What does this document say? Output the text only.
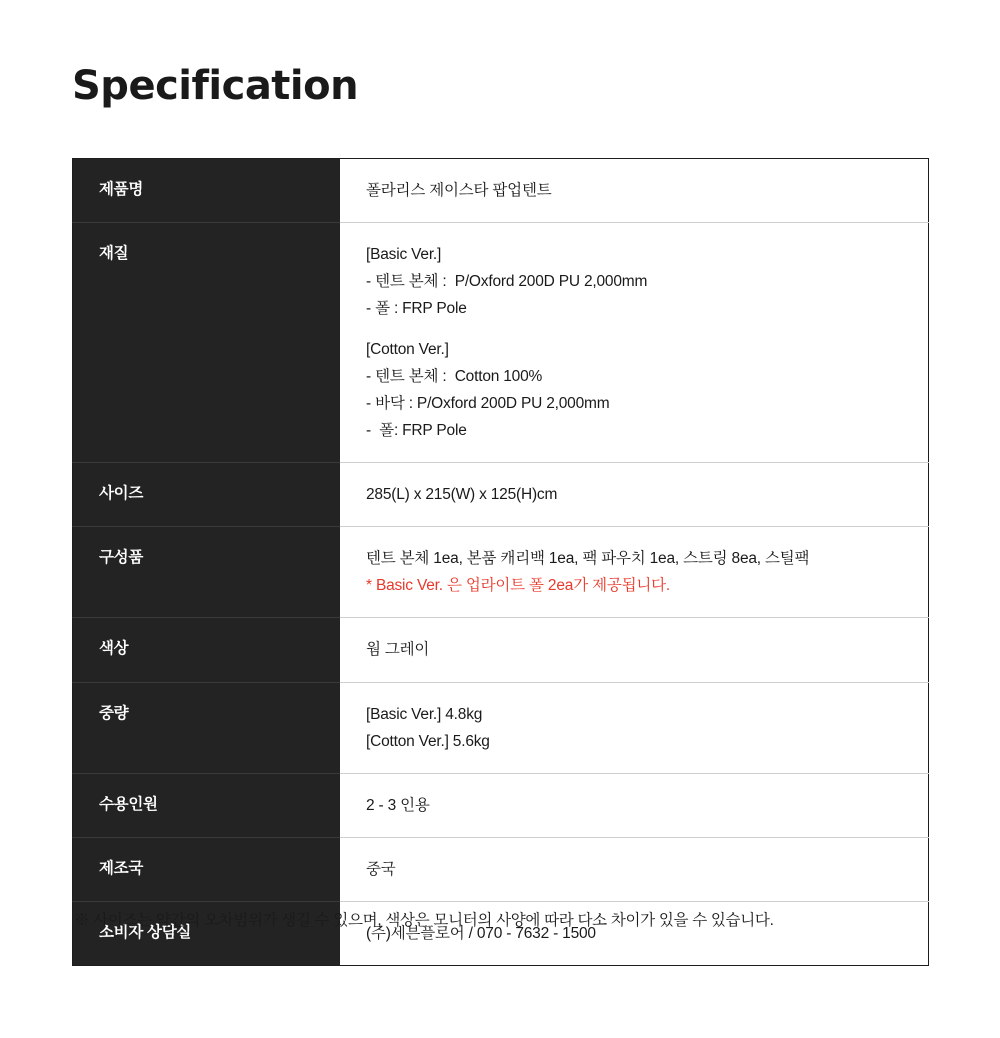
Specification
제품명	폴라리스 제이스타 팝업텐트

재질	[Basic Ver.]
- 텐트 본체 :  P/Oxford 200D PU 2,000mm
- 폴 : FRP Pole
[Cotton Ver.]
- 텐트 본체 :  Cotton 100%
- 바닥 : P/Oxford 200D PU 2,000mm
-  폴: FRP Pole

사이즈	285(L) x 215(W) x 125(H)cm

구성품	텐트 본체 1ea, 본품 캐리백 1ea, 팩 파우치 1ea, 스트링 8ea, 스틸팩
* Basic Ver. 은 업라이트 폴 2ea가 제공됩니다.

색상	웜 그레이

중량	[Basic Ver.] 4.8kg
[Cotton Ver.] 5.6kg

수용인원	2 - 3 인용

제조국	중국

소비자 상담실	(주)세븐플로어 / 070 - 7632 - 1500
※ 사이즈는 약간의 오차범위가 생길 수 있으며, 색상은 모니터의 사양에 따라 다소 차이가 있을 수 있습니다.
